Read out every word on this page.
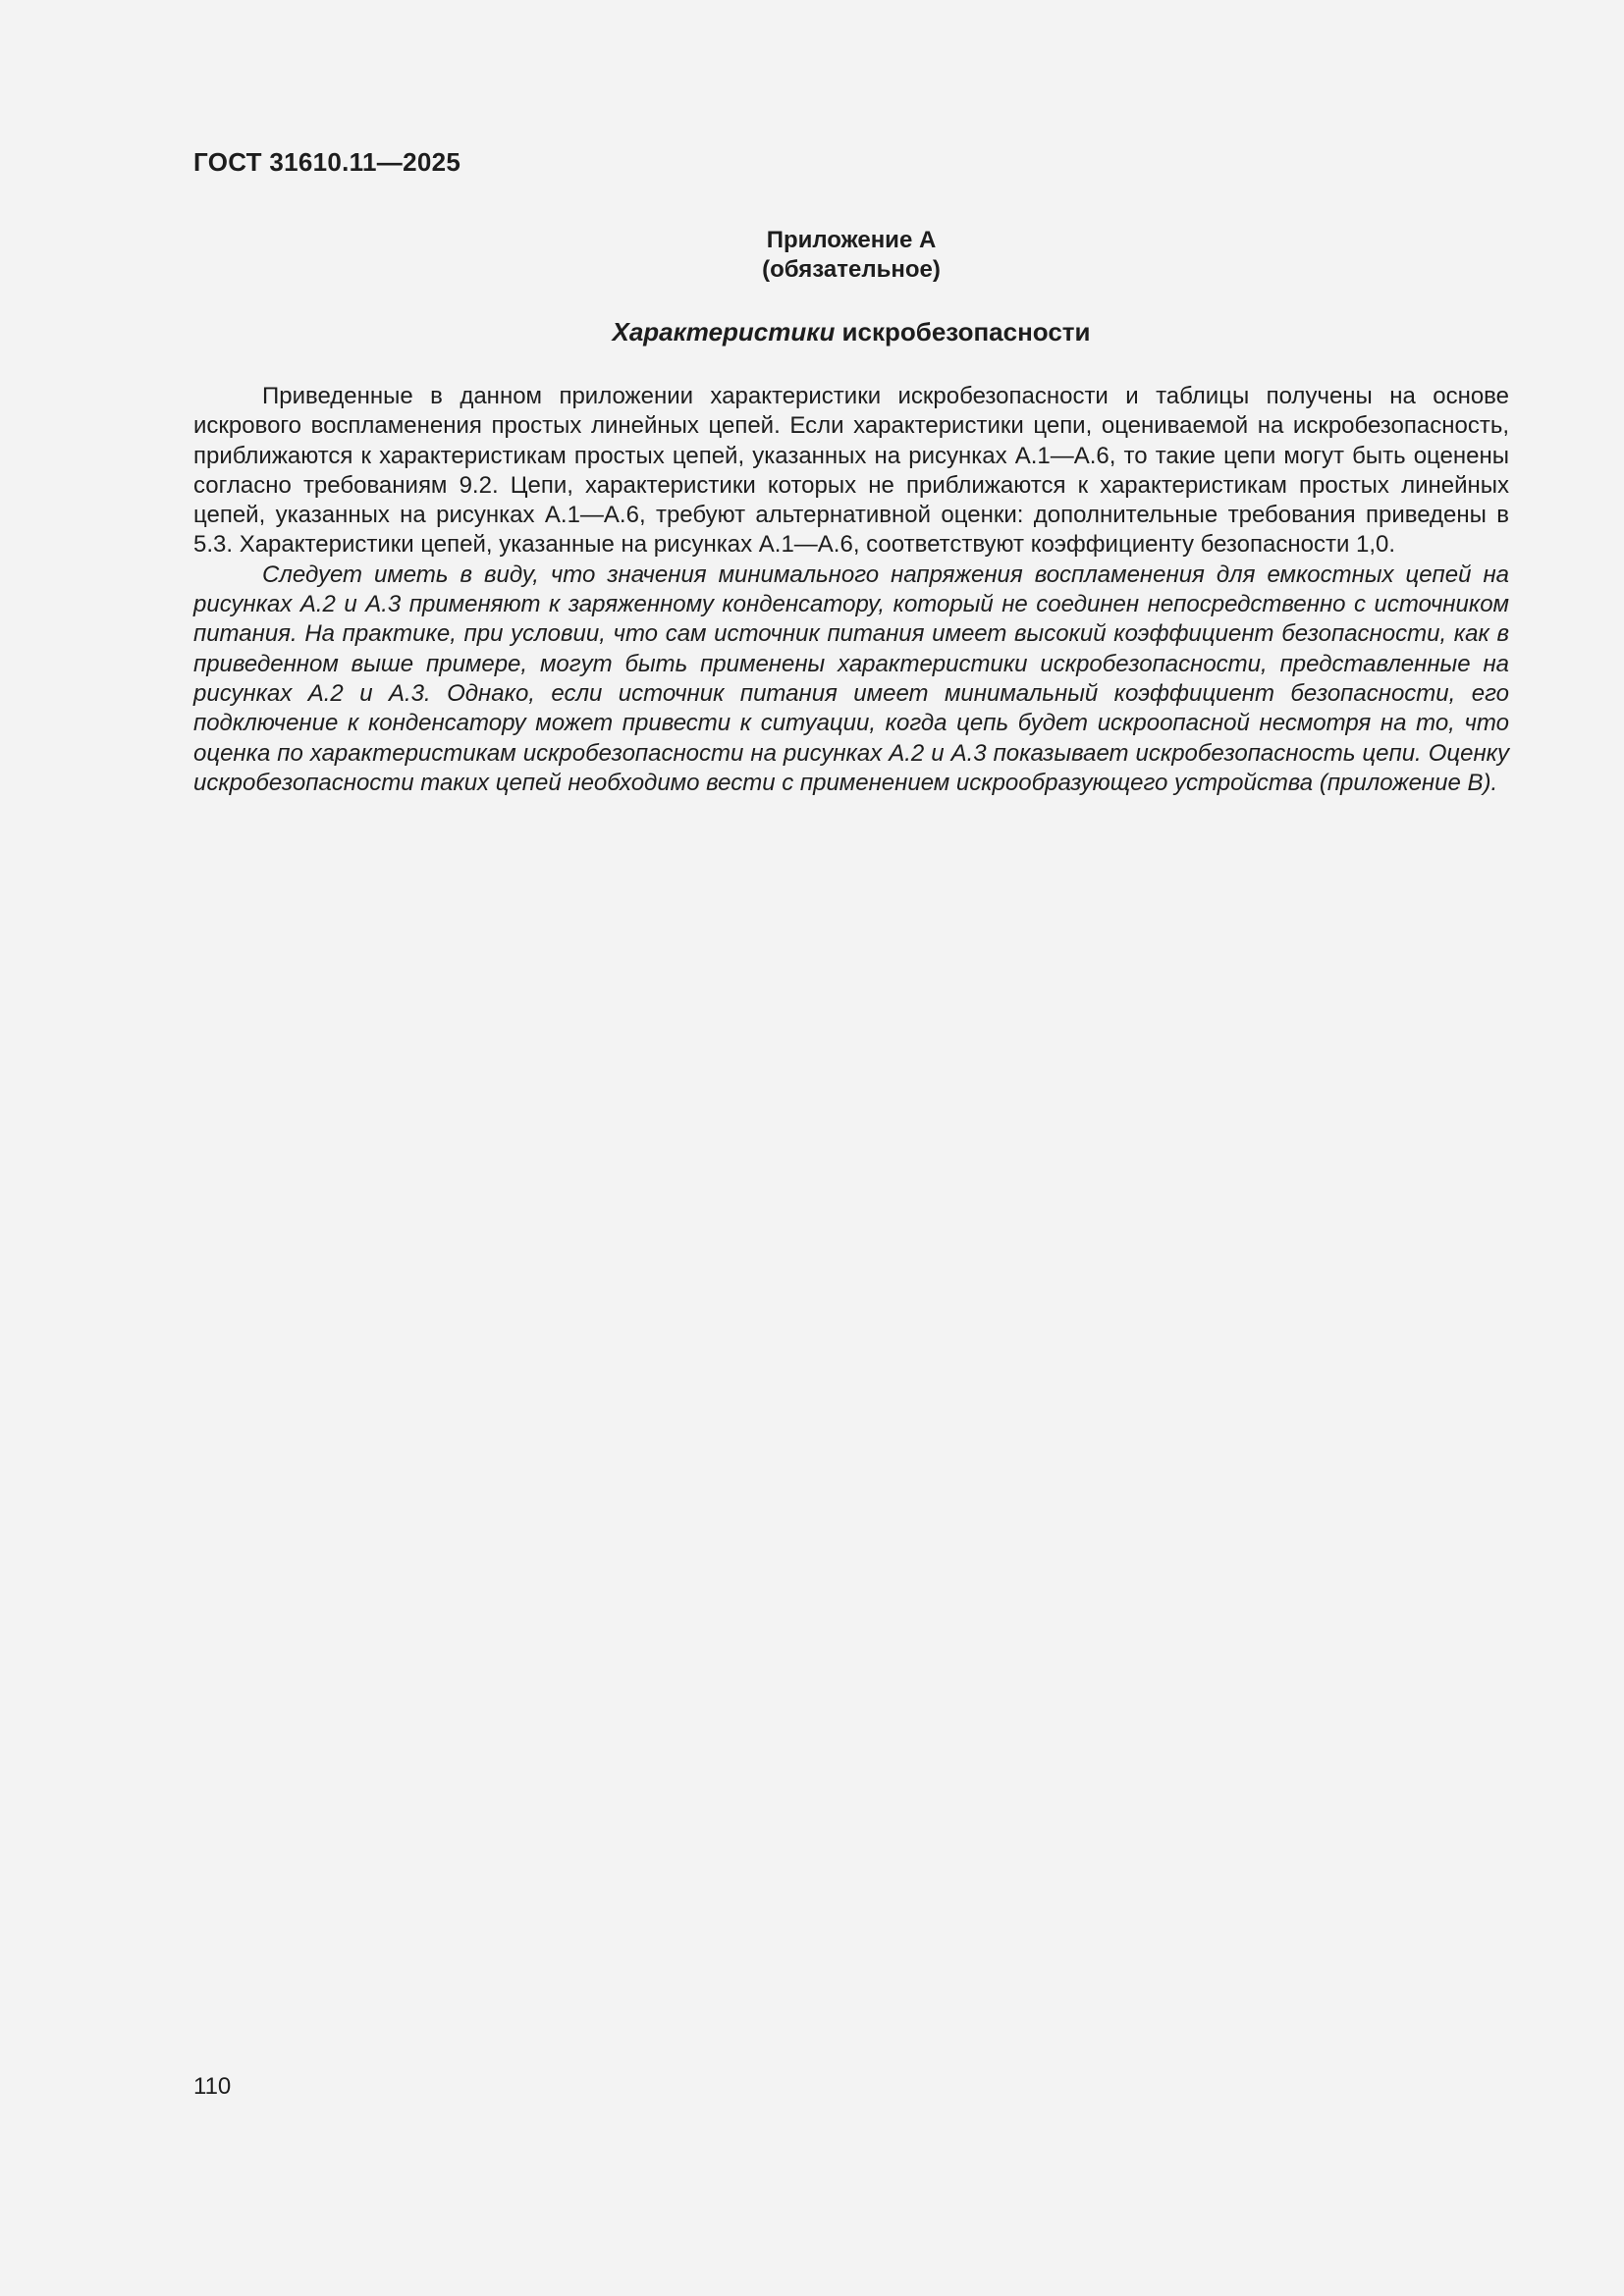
ГОСТ 31610.11—2025
Приложение А
(обязательное)
Характеристики искробезопасности

Приведенные в данном приложении характеристики искробезопасности и таблицы получены на основе искрового воспламенения простых линейных цепей. Если характеристики цепи, оцениваемой на искробезопасность, приближаются к характеристикам простых цепей, указанных на рисунках А.1—А.6, то такие цепи могут быть оценены согласно требованиям 9.2. Цепи, характеристики которых не приближаются к характеристикам простых линейных цепей, указанных на рисунках А.1—А.6, требуют альтернативной оценки: дополнительные требования приведены в 5.3. Характеристики цепей, указанные на рисунках А.1—А.6, соответствуют коэффициенту безопасности 1,0.

Следует иметь в виду, что значения минимального напряжения воспламенения для емкостных цепей на рисунках А.2 и А.3 применяют к заряженному конденсатору, который не соединен непосредственно с источником питания. На практике, при условии, что сам источник питания имеет высокий коэффициент безопасности, как в приведенном выше примере, могут быть применены характеристики искробезопасности, представленные на рисунках А.2 и А.3. Однако, если источник питания имеет минимальный коэффициент безопасности, его подключение к конденсатору может привести к ситуации, когда цепь будет искроопасной несмотря на то, что оценка по характеристикам искробезопасности на рисунках А.2 и А.3 показывает искробезопасность цепи. Оценку искробезопасности таких цепей необходимо вести с применением искрообразующего устройства (приложение В).

110
